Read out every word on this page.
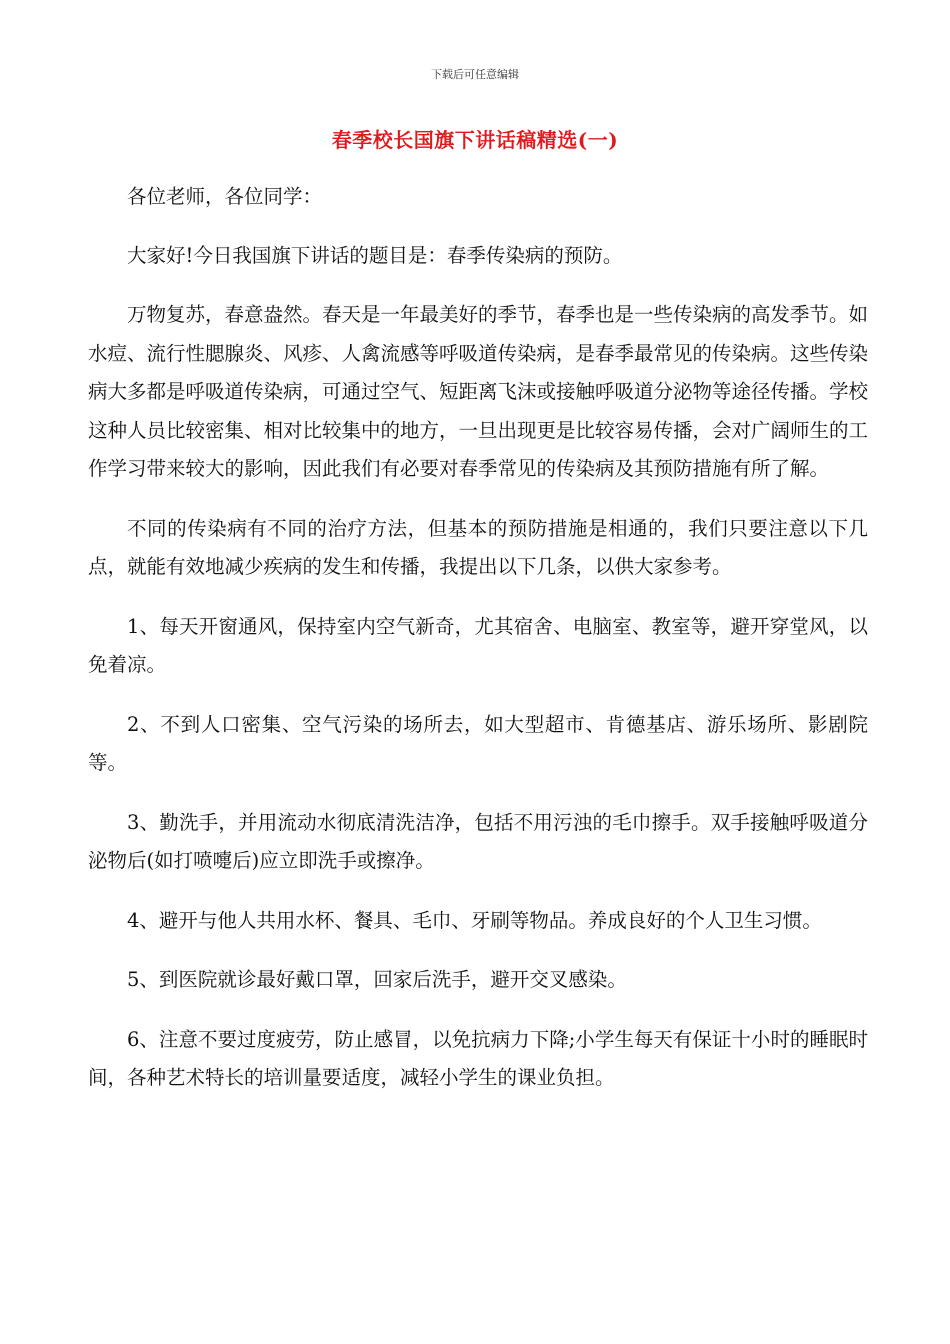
下载后可任意编辑
春季校长国旗下讲话稿精选(一)

各位老师，各位同学：

大家好!今日我国旗下讲话的题目是：春季传染病的预防。

万物复苏，春意盎然。春天是一年最美好的季节，春季也是一些传染病的高发季节。如水痘、流行性腮腺炎、风疹、人禽流感等呼吸道传染病，是春季最常见的传染病。这些传染病大多都是呼吸道传染病，可通过空气、短距离飞沫或接触呼吸道分泌物等途径传播。学校这种人员比较密集、相对比较集中的地方，一旦出现更是比较容易传播，会对广阔师生的工作学习带来较大的影响，因此我们有必要对春季常见的传染病及其预防措施有所了解。

不同的传染病有不同的治疗方法，但基本的预防措施是相通的，我们只要注意以下几点，就能有效地减少疾病的发生和传播，我提出以下几条，以供大家参考。

1、每天开窗通风，保持室内空气新奇，尤其宿舍、电脑室、教室等，避开穿堂风，以免着凉。

2、不到人口密集、空气污染的场所去，如大型超市、肯德基店、游乐场所、影剧院等。

3、勤洗手，并用流动水彻底清洗洁净，包括不用污浊的毛巾擦手。双手接触呼吸道分泌物后(如打喷嚏后)应立即洗手或擦净。

4、避开与他人共用水杯、餐具、毛巾、牙刷等物品。养成良好的个人卫生习惯。

5、到医院就诊最好戴口罩，回家后洗手，避开交叉感染。

6、注意不要过度疲劳，防止感冒，以免抗病力下降;小学生每天有保证十小时的睡眠时间，各种艺术特长的培训量要适度，减轻小学生的课业负担。
